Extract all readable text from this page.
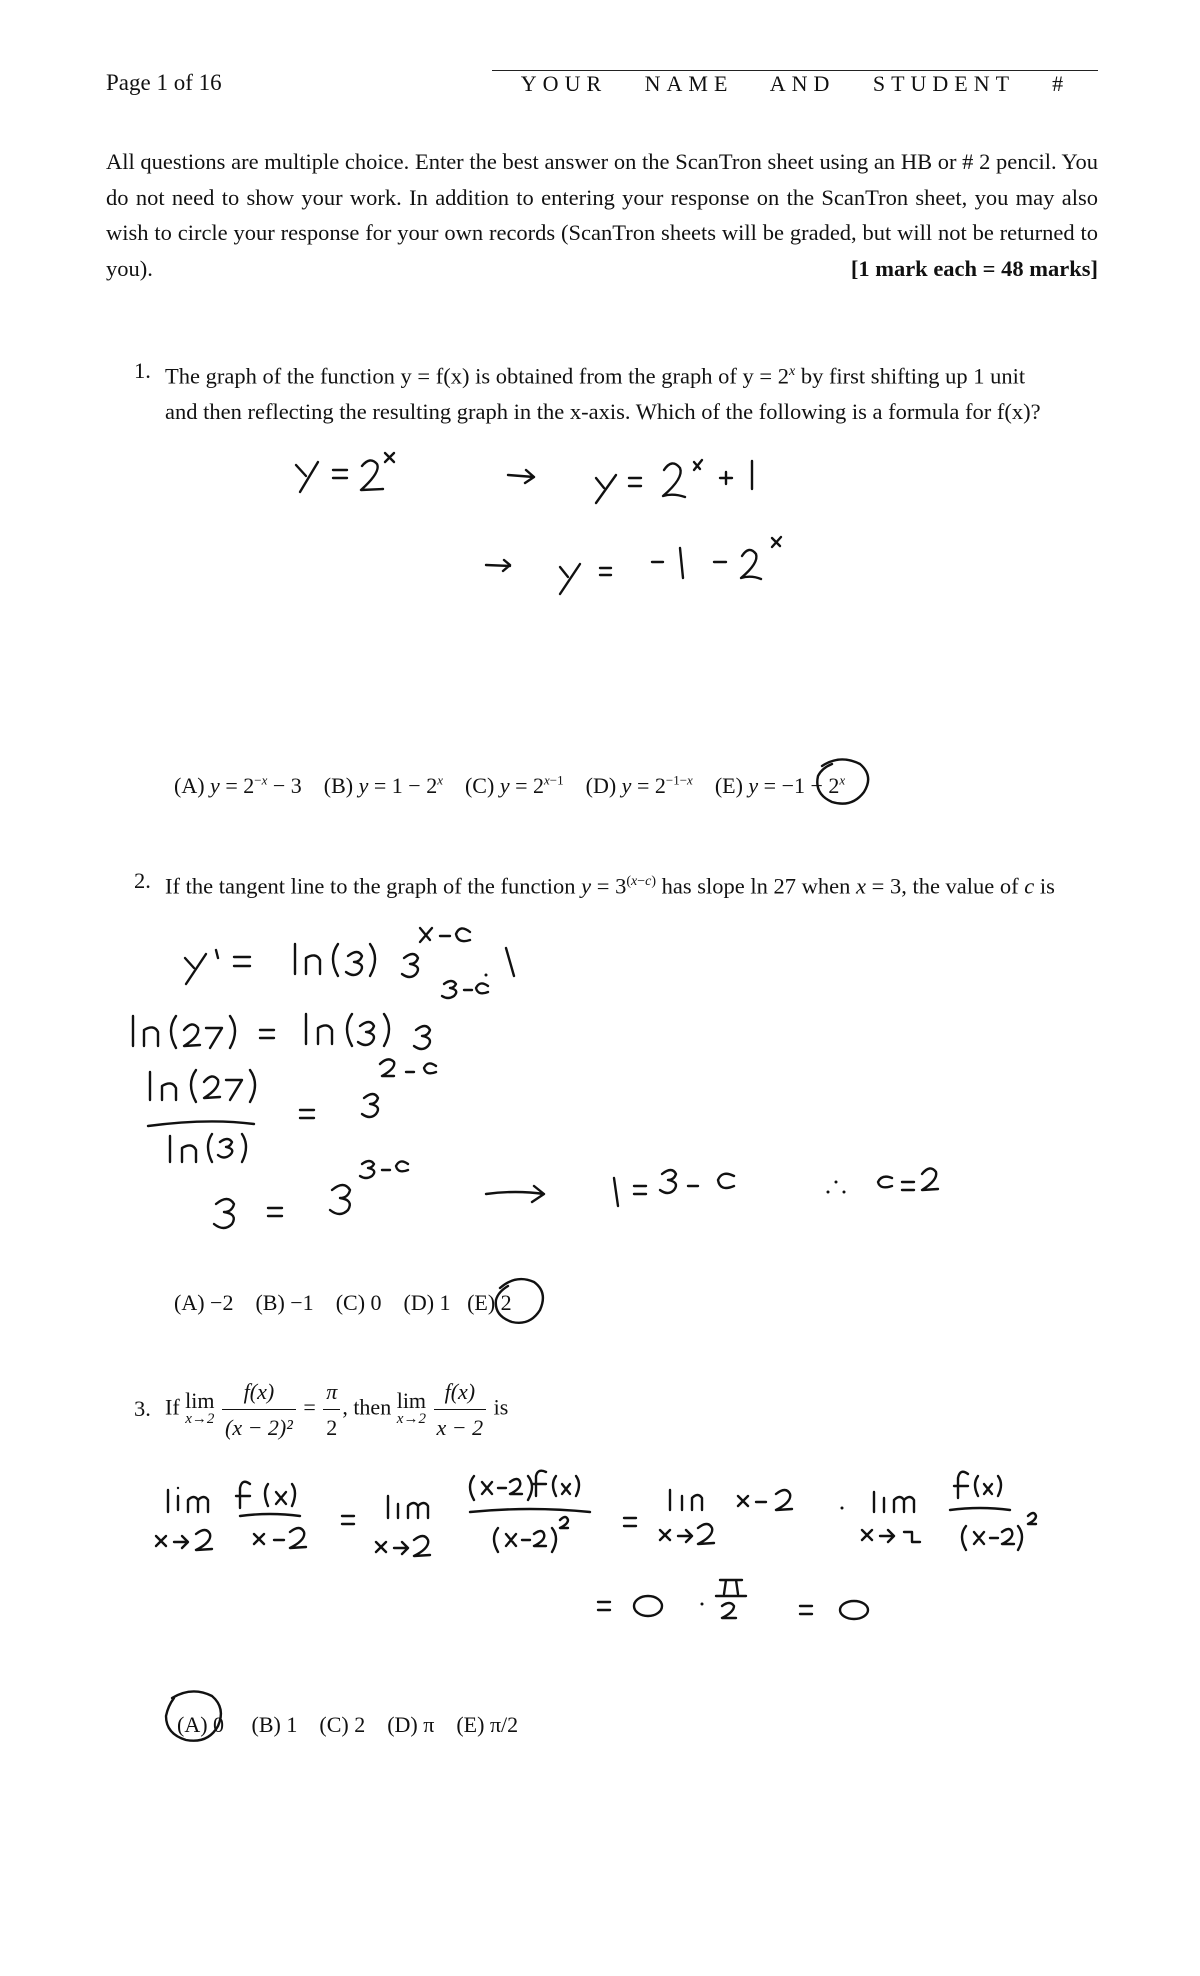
Page 1 of 16	YOUR NAME AND STUDENT #
All questions are multiple choice. Enter the best answer on the ScanTron sheet using an HB or # 2 pencil. You do not need to show your work. In addition to entering your response on the ScanTron sheet, you may also wish to circle your response for your own records (ScanTron sheets will be graded, but will not be returned to you).	[1 mark each = 48 marks]
1. The graph of the function y = f(x) is obtained from the graph of $y = 2^x$ by first shifting up 1 unit
and then reflecting the resulting graph in the x-axis. Which of the following is a formula for f(x)?
(A) $y = 2^{-x} - 3$ (B) $y = 1 - 2^x$ (C) $y = 2^{x-1}$ (D) $y = 2^{-1-x}$ (E) $y = -1 - 2^x$
2. If the tangent line to the graph of the function $y = 3^{(x-c)}$ has slope ln 27 when x = 3, the value of c is
(A) −2 (B) −1 (C) 0 (D) 1 (E) 2
3. If lim
x→2
$\frac{f(x)}{\text{(x − 2)²}} = \frac{\pi}{2}$ , then lim
x→2
$\frac{f(x)}{x - 2}$ is
(A) 0 (B) 1 (C) 2 (D) π (E) π/2
